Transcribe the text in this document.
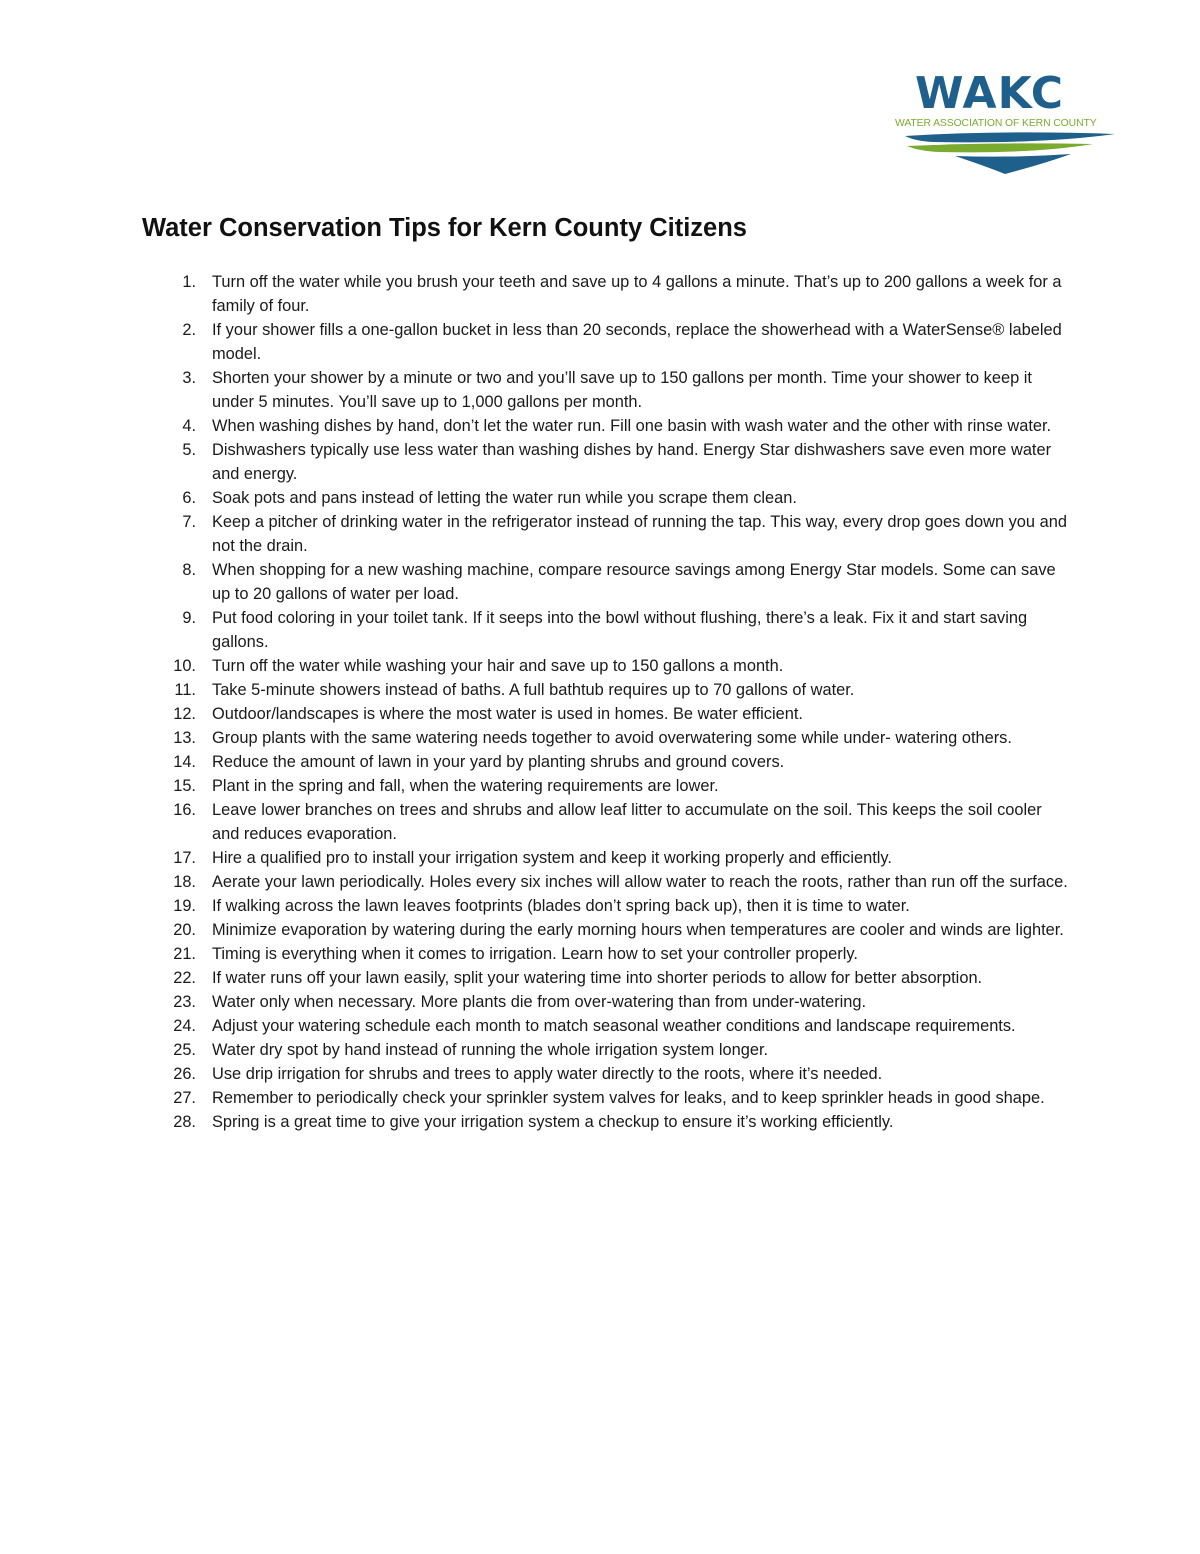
WAKC
WATER ASSOCIATION OF KERN COUNTY
Water Conservation Tips for Kern County Citizens
1. Turn off the water while you brush your teeth and save up to 4 gallons a minute. That’s up to 200 gallons a week for a family of four.
2. If your shower fills a one-gallon bucket in less than 20 seconds, replace the showerhead with a WaterSense® labeled model.
3. Shorten your shower by a minute or two and you’ll save up to 150 gallons per month. Time your shower to keep it under 5 minutes. You’ll save up to 1,000 gallons per month.
4. When washing dishes by hand, don’t let the water run. Fill one basin with wash water and the other with rinse water.
5. Dishwashers typically use less water than washing dishes by hand. Energy Star dishwashers save even more water and energy.
6. Soak pots and pans instead of letting the water run while you scrape them clean.
7. Keep a pitcher of drinking water in the refrigerator instead of running the tap. This way, every drop goes down you and not the drain.
8. When shopping for a new washing machine, compare resource savings among Energy Star models. Some can save up to 20 gallons of water per load.
9. Put food coloring in your toilet tank. If it seeps into the bowl without flushing, there’s a leak. Fix it and start saving gallons.
10. Turn off the water while washing your hair and save up to 150 gallons a month.
11. Take 5-minute showers instead of baths. A full bathtub requires up to 70 gallons of water.
12. Outdoor/landscapes is where the most water is used in homes. Be water efficient.
13. Group plants with the same watering needs together to avoid overwatering some while under- watering others.
14. Reduce the amount of lawn in your yard by planting shrubs and ground covers.
15. Plant in the spring and fall, when the watering requirements are lower.
16. Leave lower branches on trees and shrubs and allow leaf litter to accumulate on the soil. This keeps the soil cooler and reduces evaporation.
17. Hire a qualified pro to install your irrigation system and keep it working properly and efficiently.
18. Aerate your lawn periodically. Holes every six inches will allow water to reach the roots, rather than run off the surface.
19. If walking across the lawn leaves footprints (blades don’t spring back up), then it is time to water.
20. Minimize evaporation by watering during the early morning hours when temperatures are cooler and winds are lighter.
21. Timing is everything when it comes to irrigation. Learn how to set your controller properly.
22. If water runs off your lawn easily, split your watering time into shorter periods to allow for better absorption.
23. Water only when necessary. More plants die from over-watering than from under-watering.
24. Adjust your watering schedule each month to match seasonal weather conditions and landscape requirements.
25. Water dry spot by hand instead of running the whole irrigation system longer.
26. Use drip irrigation for shrubs and trees to apply water directly to the roots, where it’s needed.
27. Remember to periodically check your sprinkler system valves for leaks, and to keep sprinkler heads in good shape.
28. Spring is a great time to give your irrigation system a checkup to ensure it’s working efficiently.
